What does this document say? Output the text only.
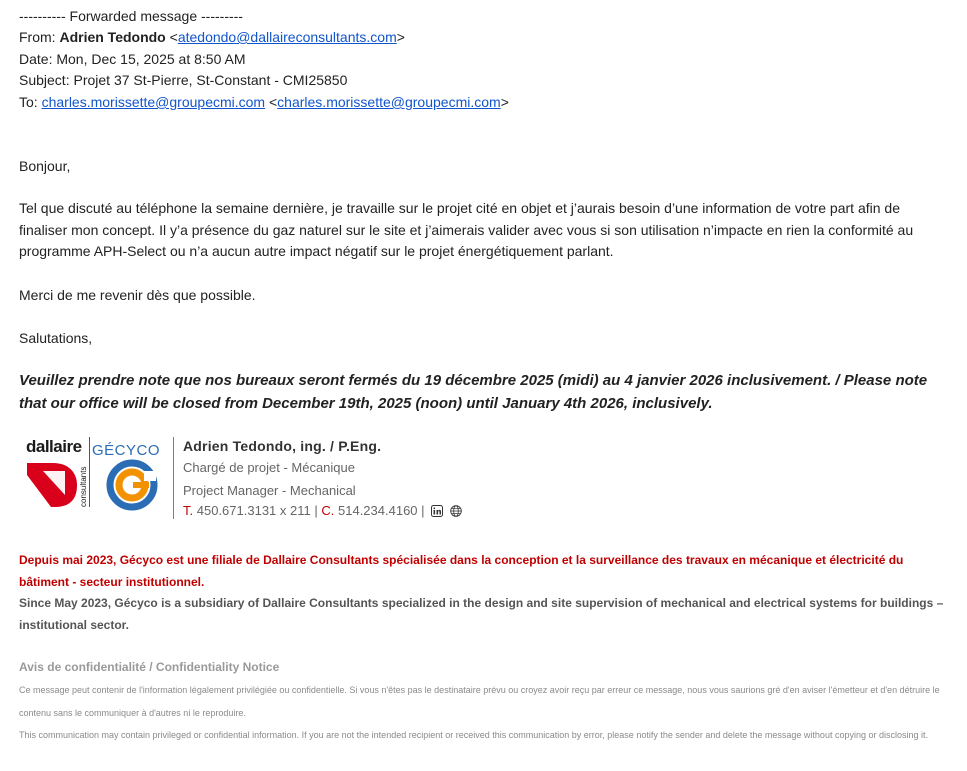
---------- Forwarded message ---------
From: Adrien Tedondo <atedondo@dallaireconsultants.com>
Date: Mon, Dec 15, 2025 at 8:50 AM
Subject: Projet 37 St-Pierre, St-Constant - CMI25850
To: charles.morissette@groupecmi.com <charles.morissette@groupecmi.com>
Bonjour,
Tel que discuté au téléphone la semaine dernière, je travaille sur le projet cité en objet et j’aurais besoin d’une information de votre part afin de finaliser mon concept. Il y’a présence du gaz naturel sur le site et j’aimerais valider avec vous si son utilisation n’impacte en rien la conformité au programme APH-Select ou n’a aucun autre impact négatif sur le projet énergétiquement parlant.
Merci de me revenir dès que possible.
Salutations,
Veuillez prendre note que nos bureaux seront fermés du 19 décembre 2025 (midi) au 4 janvier 2026 inclusivement. / Please note that our office will be closed from December 19th, 2025 (noon) until January 4th 2026, inclusively.
dallaire
consultants
GÉCYCO Adrien Tedondo, ing. / P.Eng.
Chargé de projet - Mécanique
Project Manager - Mechanical
T. 450.671.3131 x 211 | C. 514.234.4160 |
Depuis mai 2023, Gécyco est une filiale de Dallaire Consultants spécialisée dans la conception et la surveillance des travaux en mécanique et électricité du bâtiment - secteur institutionnel.
Since May 2023, Gécyco is a subsidiary of Dallaire Consultants specialized in the design and site supervision of mechanical and electrical systems for buildings – institutional sector.
Avis de confidentialité / Confidentiality Notice
Ce message peut contenir de l'information légalement privilégiée ou confidentielle. Si vous n'êtes pas le destinataire prévu ou croyez avoir reçu par erreur ce message, nous vous saurions gré d'en aviser l'émetteur et d'en détruire le contenu sans le communiquer à d'autres ni le reproduire.
This communication may contain privileged or confidential information. If you are not the intended recipient or received this communication by error, please notify the sender and delete the message without copying or disclosing it.
